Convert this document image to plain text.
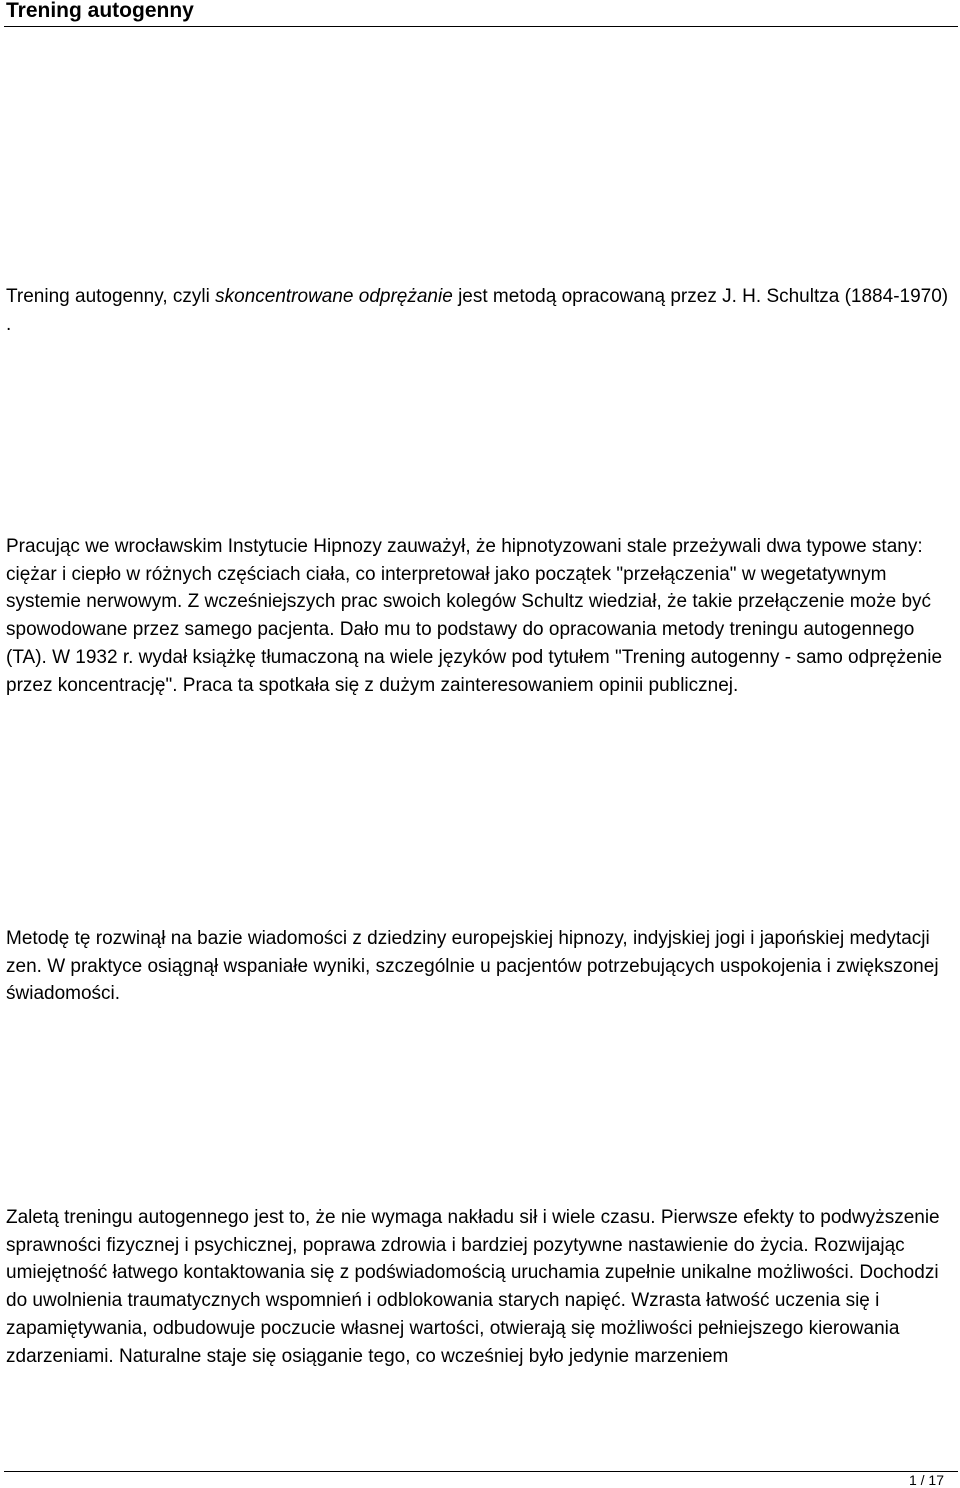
Trening autogenny

Trening autogenny, czyli skoncentrowane odprężanie jest metodą opracowaną przez J. H. Schultza (1884-1970) .

Pracując we wrocławskim Instytucie Hipnozy zauważył, że hipnotyzowani stale przeżywali dwa typowe stany: ciężar i ciepło w różnych częściach ciała, co interpretował jako początek "przełączenia" w wegetatywnym systemie nerwowym. Z wcześniejszych prac swoich kolegów Schultz wiedział, że takie przełączenie może być spowodowane przez samego pacjenta. Dało mu to podstawy do opracowania metody treningu autogennego (TA). W 1932 r. wydał książkę tłumaczoną na wiele języków pod tytułem "Trening autogenny - samo odprężenie przez koncentrację". Praca ta spotkała się z dużym zainteresowaniem opinii publicznej.

Metodę tę rozwinął na bazie wiadomości z dziedziny europejskiej hipnozy, indyjskiej jogi i japońskiej medytacji zen. W praktyce osiągnął wspaniałe wyniki, szczególnie u pacjentów potrzebujących uspokojenia i zwiększonej świadomości.

Zaletą treningu autogennego jest to, że nie wymaga nakładu sił i wiele czasu. Pierwsze efekty to podwyższenie sprawności fizycznej i psychicznej, poprawa zdrowia i bardziej pozytywne nastawienie do życia. Rozwijając umiejętność łatwego kontaktowania się z podświadomością uruchamia zupełnie unikalne możliwości. Dochodzi do uwolnienia traumatycznych wspomnień i odblokowania starych napięć. Wzrasta łatwość uczenia się i zapamiętywania, odbudowuje poczucie własnej wartości, otwierają się możliwości pełniejszego kierowania zdarzeniami. Naturalne staje się osiąganie tego, co wcześniej było jedynie marzeniem

1 / 17
